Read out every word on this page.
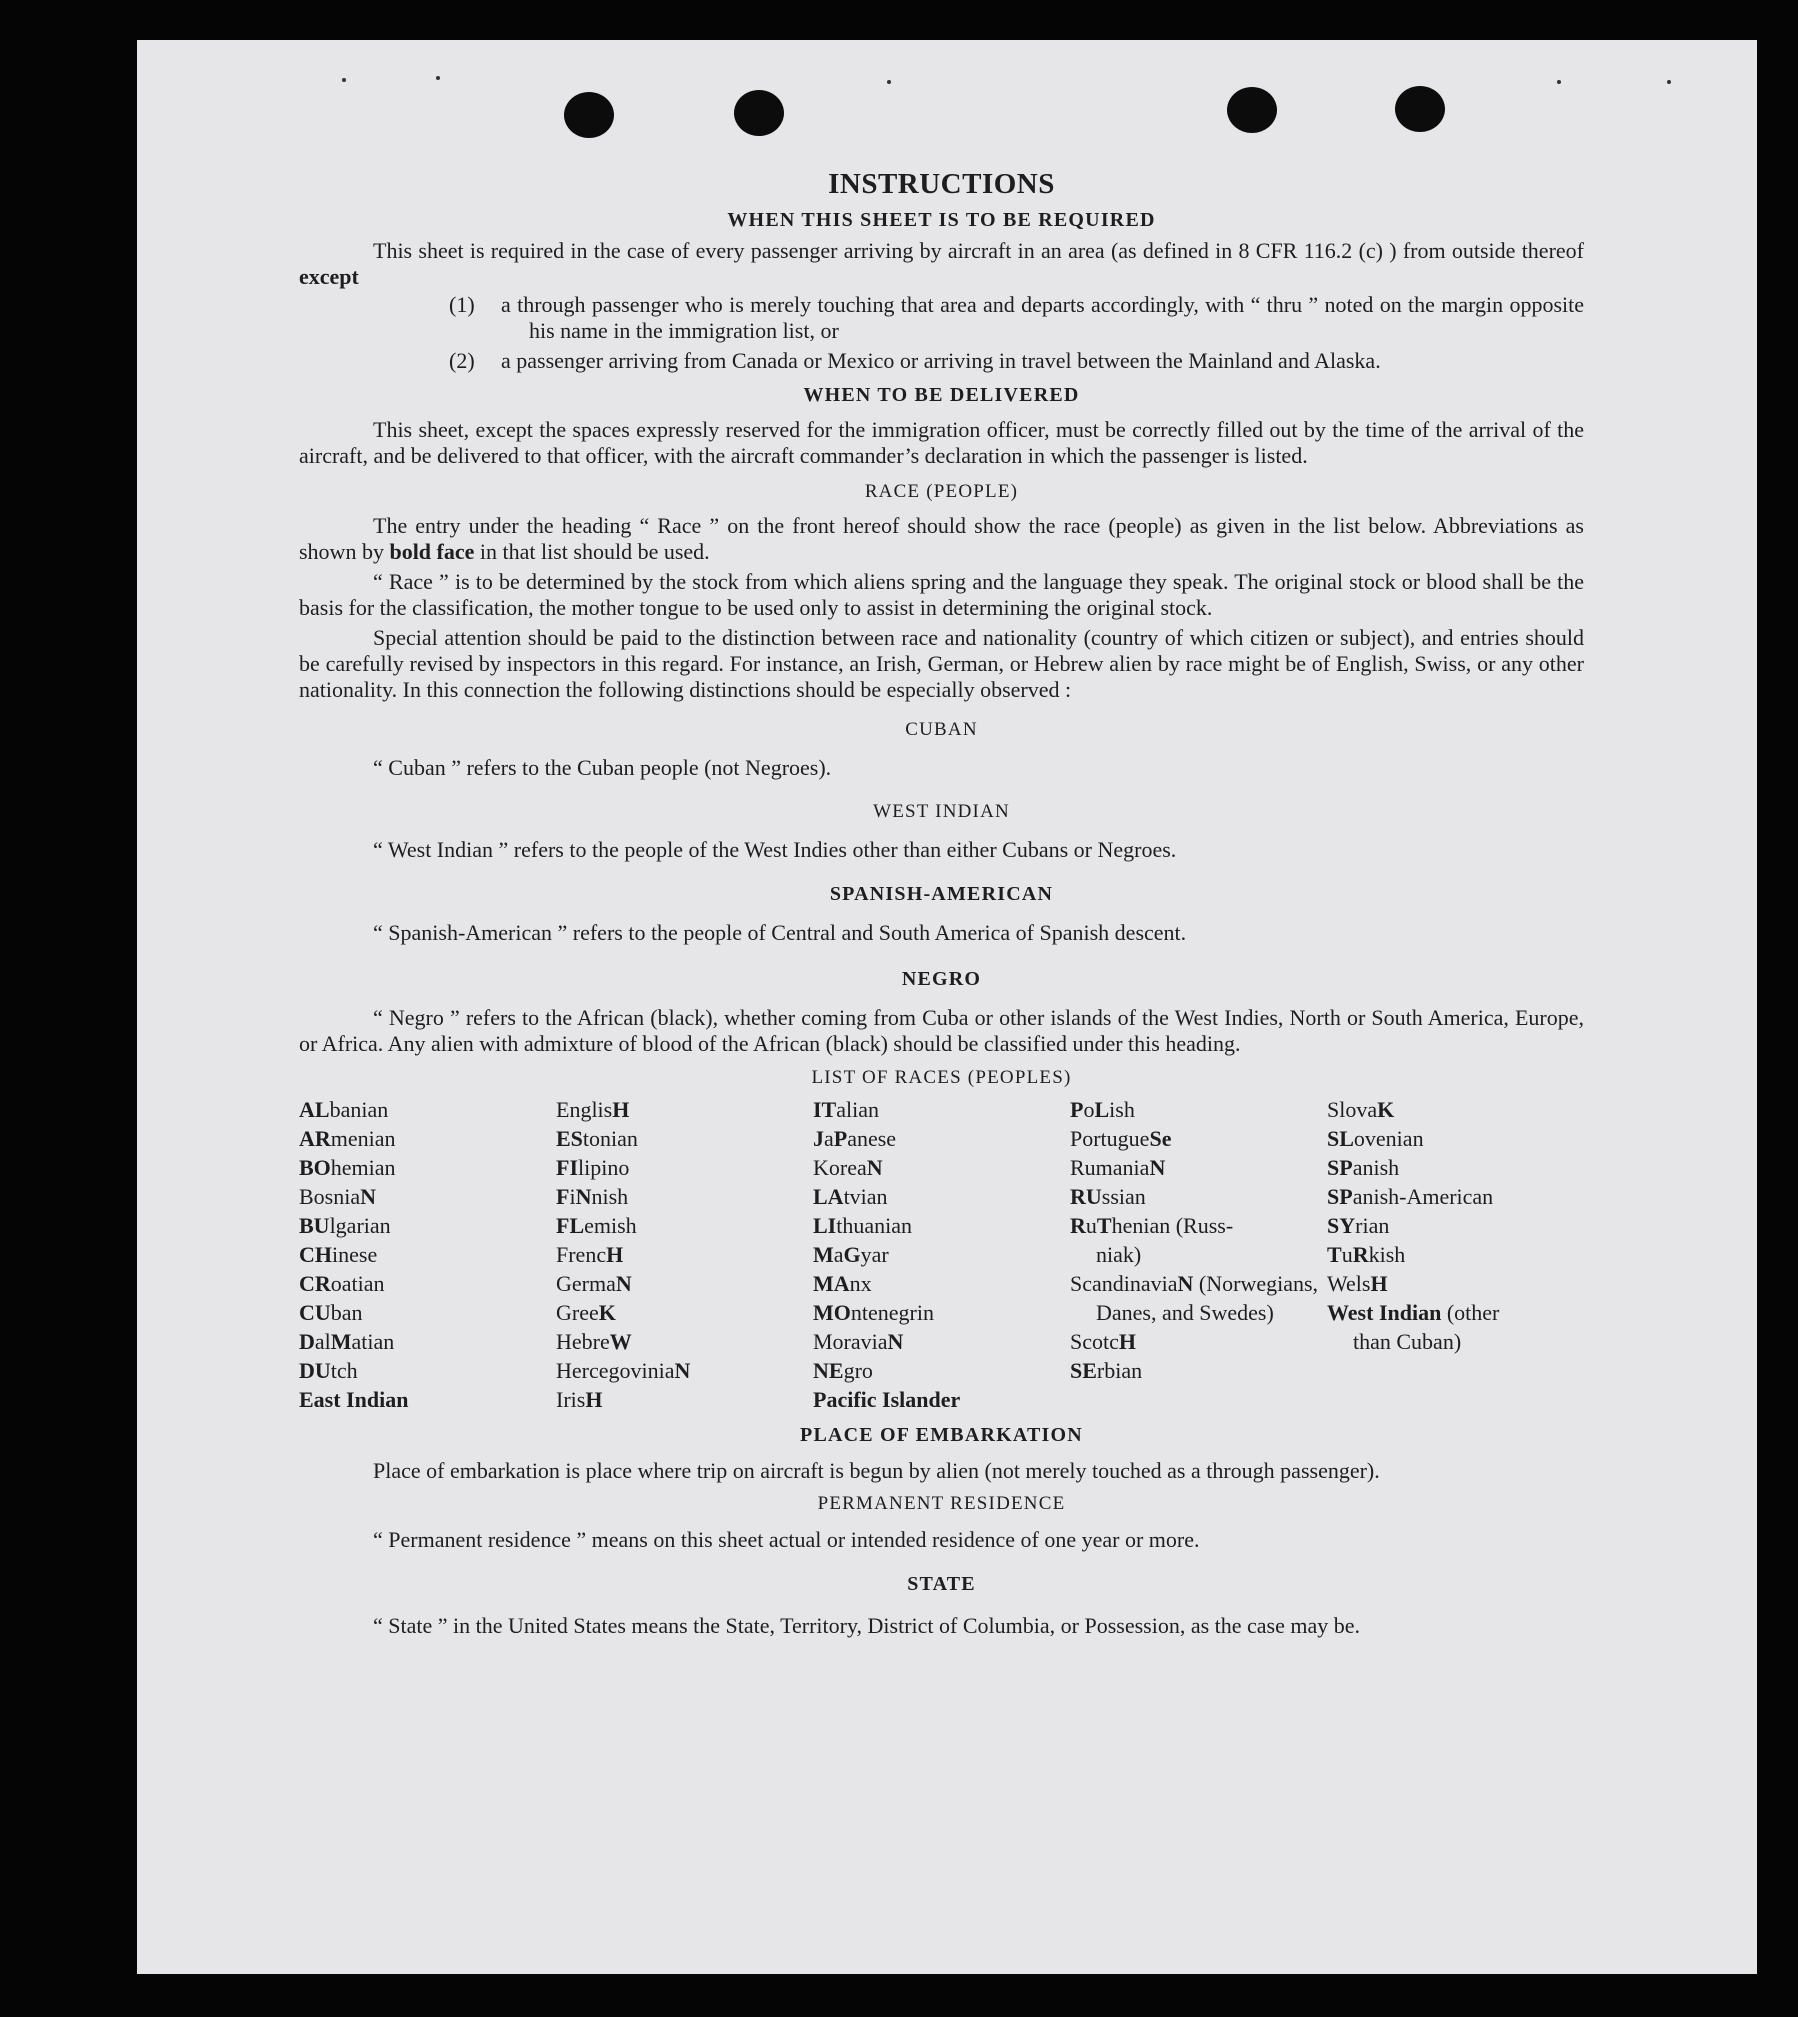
INSTRUCTIONS
WHEN THIS SHEET IS TO BE REQUIRED

This sheet is required in the case of every passenger arriving by aircraft in an area (as defined in 8 CFR 116.2 (c) ) from outside thereof except

(1)	a through passenger who is merely touching that area and departs accordingly, with “ thru ” noted on the margin opposite his name in the immigration list, or
(2)	a passenger arriving from Canada or Mexico or arriving in travel between the Mainland and Alaska.
WHEN TO BE DELIVERED

This sheet, except the spaces expressly reserved for the immigration officer, must be correctly filled out by the time of the arrival of the aircraft, and be delivered to that officer, with the aircraft commander’s declaration in which the passenger is listed.

RACE (PEOPLE)

The entry under the heading “ Race ” on the front hereof should show the race (people) as given in the list below. Abbreviations as shown by bold face in that list should be used.

“ Race ” is to be determined by the stock from which aliens spring and the language they speak. The original stock or blood shall be the basis for the classification, the mother tongue to be used only to assist in determining the original stock.

Special attention should be paid to the distinction between race and nationality (country of which citizen or subject), and entries should be carefully revised by inspectors in this regard. For instance, an Irish, German, or Hebrew alien by race might be of English, Swiss, or any other nationality. In this connection the following distinctions should be especially observed :

CUBAN

“ Cuban ” refers to the Cuban people (not Negroes).

WEST INDIAN

“ West Indian ” refers to the people of the West Indies other than either Cubans or Negroes.

SPANISH-AMERICAN

“ Spanish-American ” refers to the people of Central and South America of Spanish descent.

NEGRO

“ Negro ” refers to the African (black), whether coming from Cuba or other islands of the West Indies, North or South America, Europe, or Africa. Any alien with admixture of blood of the African (black) should be classified under this heading.

LIST OF RACES (PEOPLES)
ALbanian
ARmenian
BOhemian
BosniaN
BUlgarian
CHinese
CRoatian
CUban
DalMatian
DUtch
East Indian
EnglisH
EStonian
FIlipino
FiNnish
FLemish
FrencH
GermaN
GreeK
HebreW
HercegoviniaN
IrisH
ITalian
JaPanese
KoreaN
LAtvian
LIthuanian
MaGyar
MAnx
MOntenegrin
MoraviaN
NEgro
Pacific Islander
PoLish
PortugueSe
RumaniaN
RUssian
RuThenian (Russ-
niak)
ScandinaviaN (Norwegians, Danes, and Swedes)
ScotcH
SErbian
SlovaK
SLovenian
SPanish
SPanish-American
SYrian
TuRkish
WelsH
West Indian (other
than Cuban)
PLACE OF EMBARKATION

Place of embarkation is place where trip on aircraft is begun by alien (not merely touched as a through passenger).

PERMANENT RESIDENCE

“ Permanent residence ” means on this sheet actual or intended residence of one year or more.

STATE

“ State ” in the United States means the State, Territory, District of Columbia, or Possession, as the case may be.
